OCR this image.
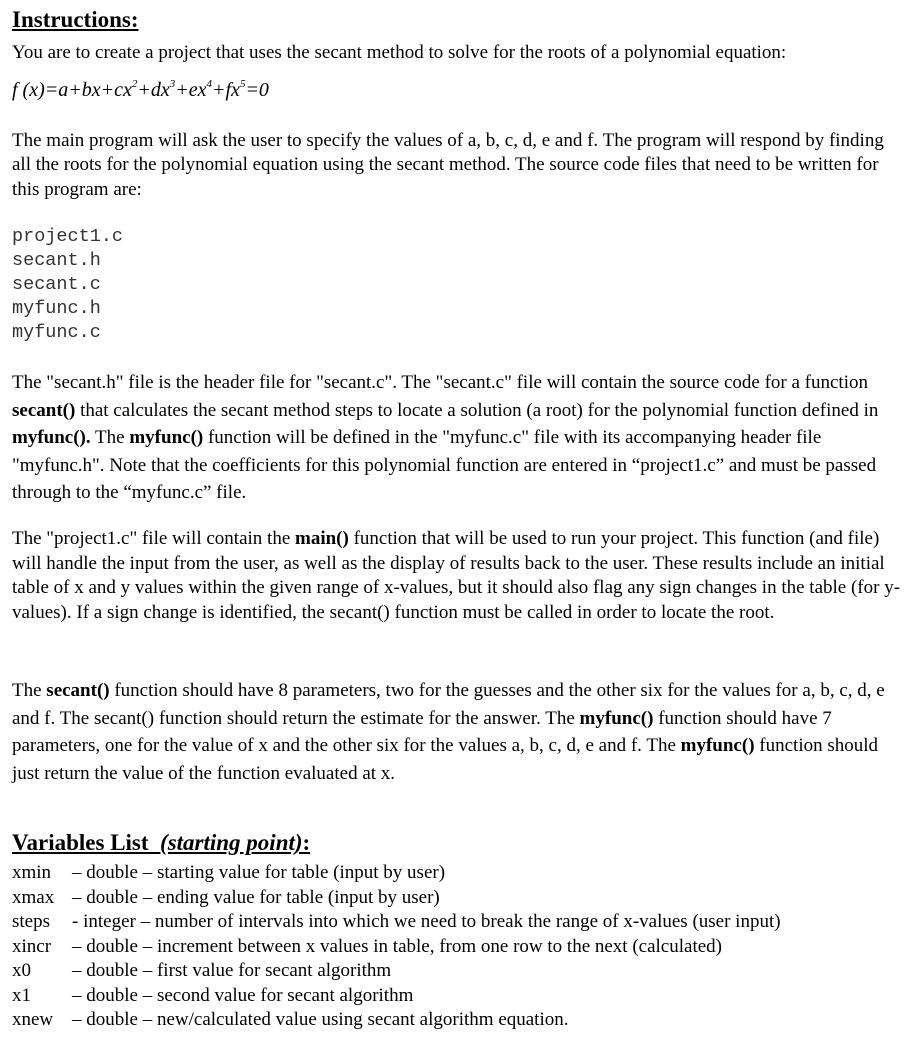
Instructions:
You are to create a project that uses the secant method to solve for the roots of a polynomial equation:
f $(x)=a+bx+cx^2+dx^3+ex^4+fx^5=0$
The main program will ask the user to specify the values of a, b, c, d, e and f. The program will respond by finding all the roots for the polynomial equation using the secant method. The source code files that need to be written for this program are:
project1.c
secant.h
secant.c
myfunc.h
myfunc.c
The "secant.h" file is the header file for "secant.c". The "secant.c" file will contain the source code for a function secant() that calculates the secant method steps to locate a solution (a root) for the polynomial function defined in myfunc(). The myfunc() function will be defined in the "myfunc.c" file with its accompanying header file "myfunc.h". Note that the coefficients for this polynomial function are entered in “project1.c” and must be passed through to the “myfunc.c” file.
The "project1.c" file will contain the main() function that will be used to run your project. This function (and file) will handle the input from the user, as well as the display of results back to the user. These results include an initial table of x and y values within the given range of x-values, but it should also flag any sign changes in the table (for y-values). If a sign change is identified, the secant() function must be called in order to locate the root.
The secant() function should have 8 parameters, two for the guesses and the other six for the values for a, b, c, d, e and f. The secant() function should return the estimate for the answer. The myfunc() function should have 7 parameters, one for the value of x and the other six for the values a, b, c, d, e and f. The myfunc() function should just return the value of the function evaluated at x.
Variables List (starting point):
xmin – double – starting value for table (input by user)
xmax – double – ending value for table (input by user)
steps - integer – number of intervals into which we need to break the range of x-values (user input)
xincr – double – increment between x values in table, from one row to the next (calculated)
x0 – double – first value for secant algorithm
x1 – double – second value for secant algorithm
xnew – double – new/calculated value using secant algorithm equation.
